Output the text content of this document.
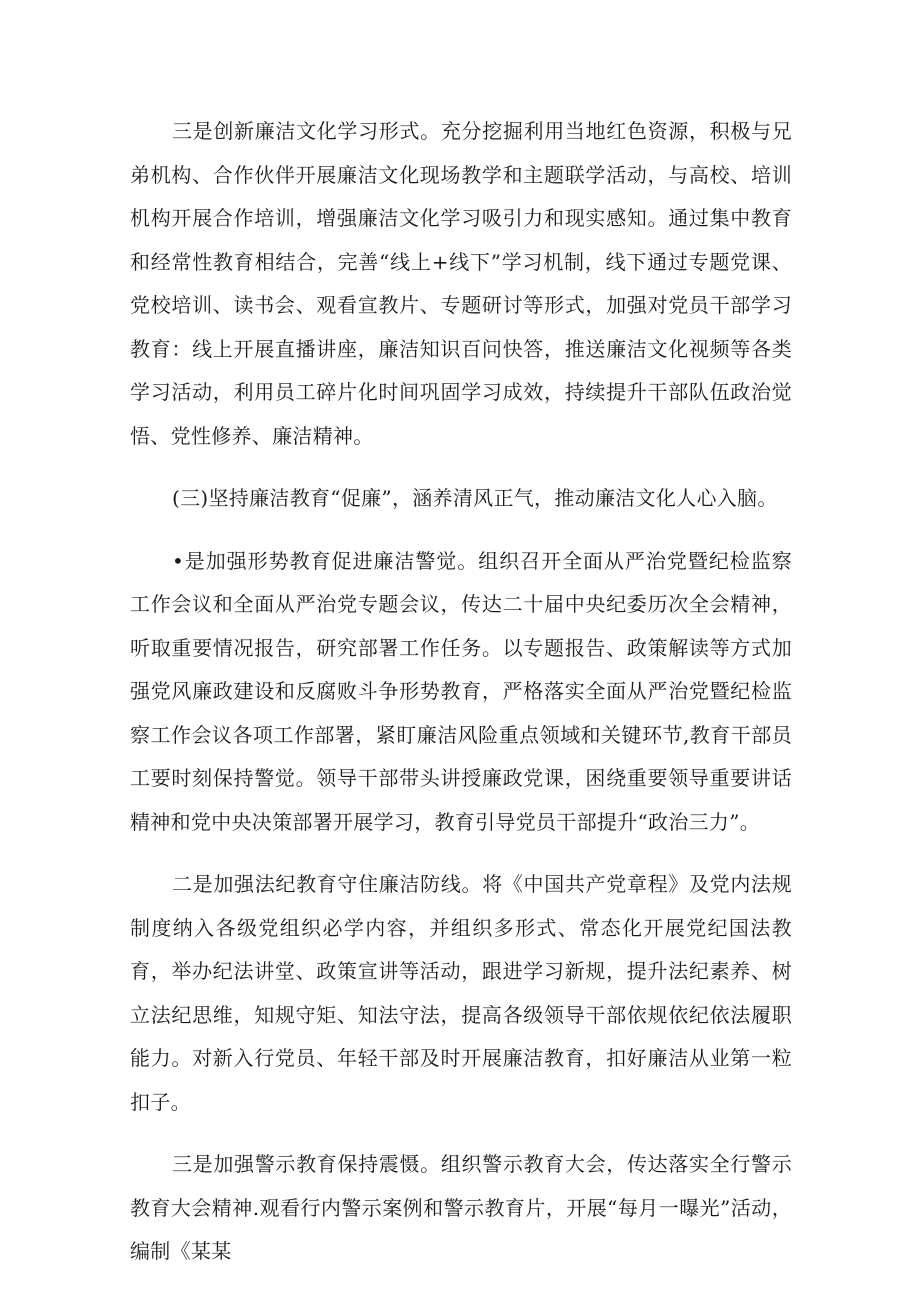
三是创新廉洁文化学习形式。充分挖掘利用当地红色资源，积极与兄弟机构、合作伙伴开展廉洁文化现场教学和主题联学活动，与高校、培训机构开展合作培训，增强廉洁文化学习吸引力和现实感知。通过集中教育和经常性教育相结合，完善“线上+线下”学习机制，线下通过专题党课、党校培训、读书会、观看宣教片、专题研讨等形式，加强对党员干部学习教育：线上开展直播讲座，廉洁知识百问快答，推送廉洁文化视频等各类学习活动，利用员工碎片化时间巩固学习成效，持续提升干部队伍政治觉悟、党性修养、廉洁精神。

(三)坚持廉洁教育“促廉”，涵养清风正气，推动廉洁文化人心入脑。

•是加强形势教育促进廉洁警觉。组织召开全面从严治党暨纪检监察工作会议和全面从严治党专题会议，传达二十届中央纪委历次全会精神，听取重要情况报告，研究部署工作任务。以专题报告、政策解读等方式加强党风廉政建设和反腐败斗争形势教育，严格落实全面从严治党暨纪检监察工作会议各项工作部署，紧盯廉洁风险重点领域和关键环节,教育干部员工要时刻保持警觉。领导干部带头讲授廉政党课，困绕重要领导重要讲话精神和党中央决策部署开展学习，教育引导党员干部提升“政治三力”。

二是加强法纪教育守住廉洁防线。将《中国共产党章程》及党内法规制度纳入各级党组织必学内容，并组织多形式、常态化开展党纪国法教育，举办纪法讲堂、政策宣讲等活动，跟进学习新规，提升法纪素养、树立法纪思维，知规守矩、知法守法，提高各级领导干部依规依纪依法履职能力。对新入行党员、年轻干部及时开展廉洁教育，扣好廉洁从业第一粒扣子。

三是加强警示教育保持震慑。组织警示教育大会，传达落实全行警示教育大会精神.观看行内警示案例和警示教育片，开展“每月一曝光”活动，编制《某某
